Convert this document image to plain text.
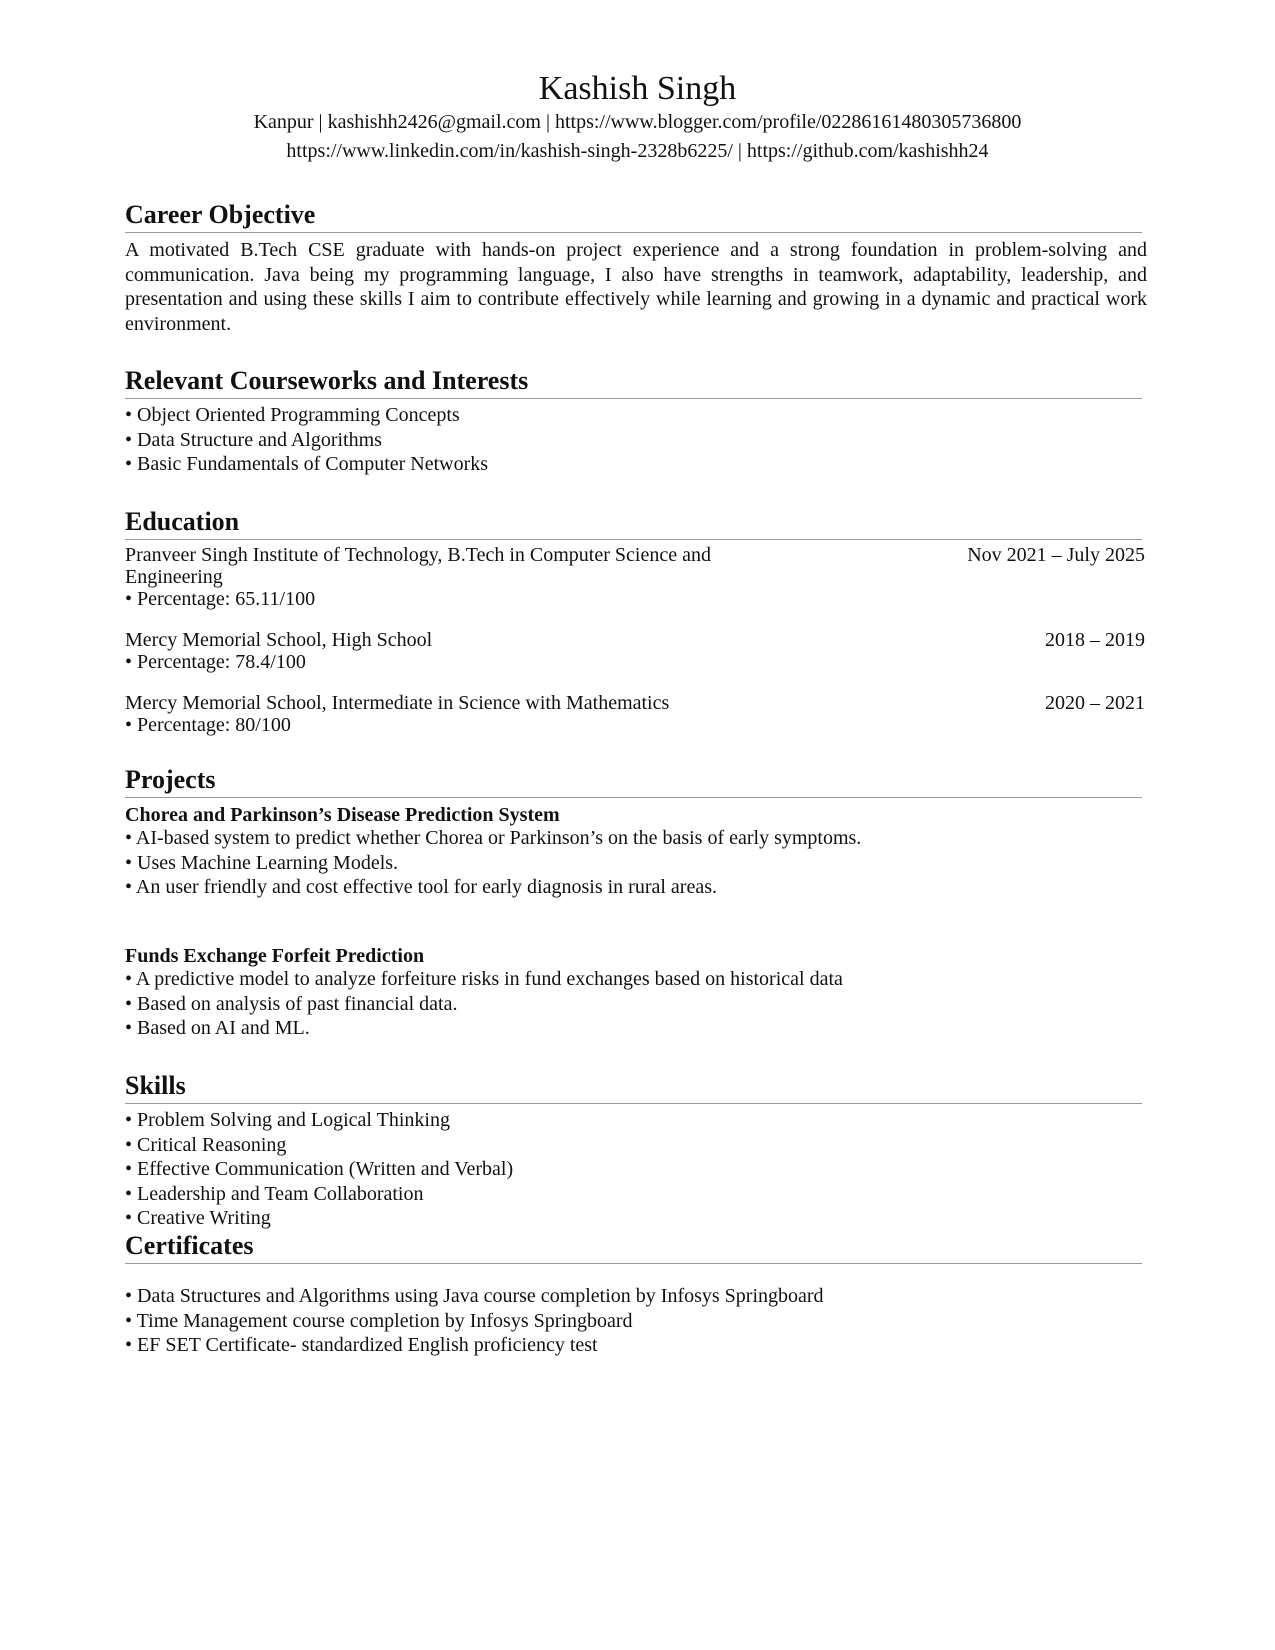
Kashish Singh
Kanpur | kashishh2426@gmail.com | https://www.blogger.com/profile/02286161480305736800
https://www.linkedin.com/in/kashish-singh-2328b6225/ | https://github.com/kashishh24
Career Objective
A motivated B.Tech CSE graduate with hands-on project experience and a strong foundation in problem-solving and communication. Java being my programming language, I also have strengths in teamwork, adaptability, leadership, and presentation and using these skills I aim to contribute effectively while learning and growing in a dynamic and practical work environment.
Relevant Courseworks and Interests
• Object Oriented Programming Concepts
• Data Structure and Algorithms
• Basic Fundamentals of Computer Networks
Education
Pranveer Singh Institute of Technology, B.Tech in Computer Science and Engineering
Nov 2021 – July 2025
• Percentage: 65.11/100
Mercy Memorial School, High School	2018 – 2019
• Percentage: 78.4/100
Mercy Memorial School, Intermediate in Science with Mathematics	2020 – 2021
• Percentage: 80/100
Projects
Chorea and Parkinson’s Disease Prediction System
• AI-based system to predict whether Chorea or Parkinson’s on the basis of early symptoms.
• Uses Machine Learning Models.
• An user friendly and cost effective tool for early diagnosis in rural areas.
Funds Exchange Forfeit Prediction
• A predictive model to analyze forfeiture risks in fund exchanges based on historical data
• Based on analysis of past financial data.
• Based on AI and ML.
Skills
• Problem Solving and Logical Thinking
• Critical Reasoning
• Effective Communication (Written and Verbal)
• Leadership and Team Collaboration
• Creative Writing
Certificates
• Data Structures and Algorithms using Java course completion by Infosys Springboard
• Time Management course completion by Infosys Springboard
• EF SET Certificate- standardized English proficiency test
